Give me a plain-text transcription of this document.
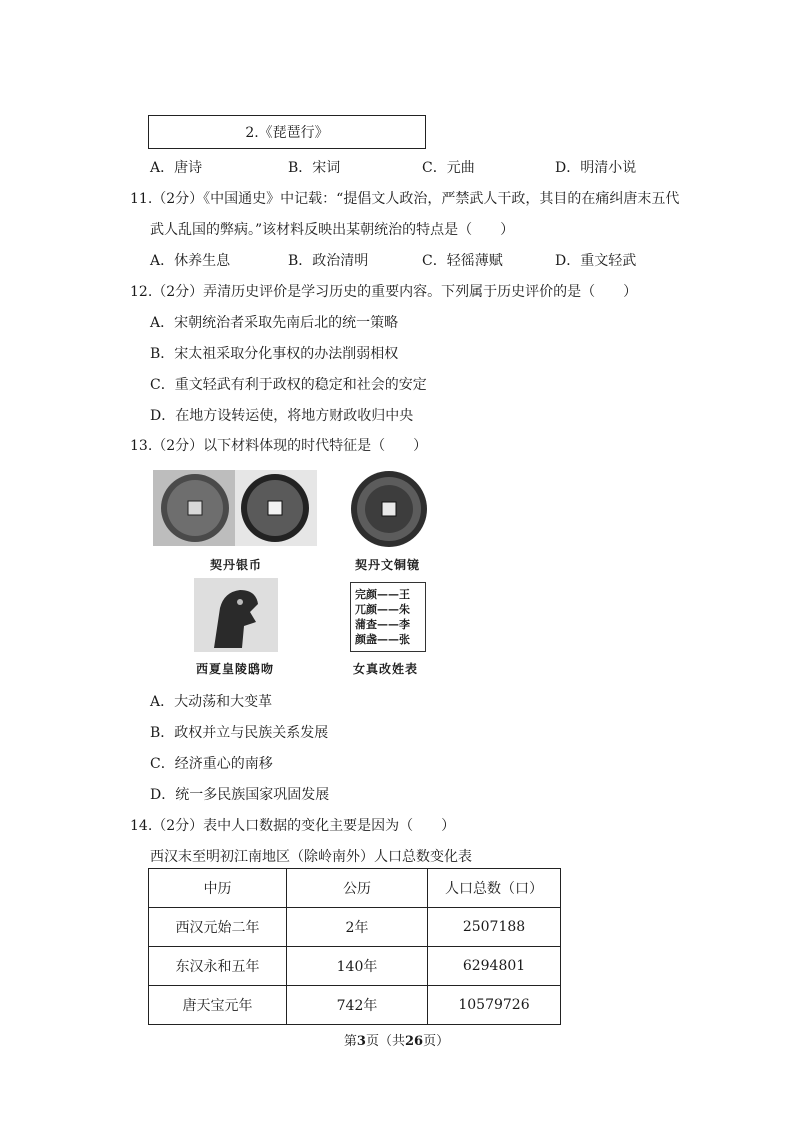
2.《琵琶行》
A．唐诗	B．宋词	C．元曲	D．明清小说
11.（2分）《中国通史》中记载：“提倡文人政治，严禁武人干政，其目的在痛纠唐末五代
武人乱国的弊病。”该材料反映出某朝统治的特点是（　　）
A．休养生息	B．政治清明	C．轻徭薄赋	D．重文轻武
12.（2分）弄清历史评价是学习历史的重要内容。下列属于历史评价的是（　　）
A．宋朝统治者采取先南后北的统一策略
B．宋太祖采取分化事权的办法削弱相权
C．重文轻武有利于政权的稳定和社会的安定
D．在地方设转运使，将地方财政收归中央
13.（2分）以下材料体现的时代特征是（　　）
契丹银币	契丹文铜镜
西夏皇陵鸱吻
完颜——王
兀颜——朱
蒲查——李
颜盏——张
女真改姓表
A．大动荡和大变革
B．政权并立与民族关系发展
C．经济重心的南移
D．统一多民族国家巩固发展
14.（2分）表中人口数据的变化主要是因为（　　）
西汉末至明初江南地区（除岭南外）人口总数变化表
中历	公历	人口总数（口）
西汉元始二年	2年	2507188
东汉永和五年	140年	6294801
唐天宝元年	742年	10579726
第3页（共26页）
